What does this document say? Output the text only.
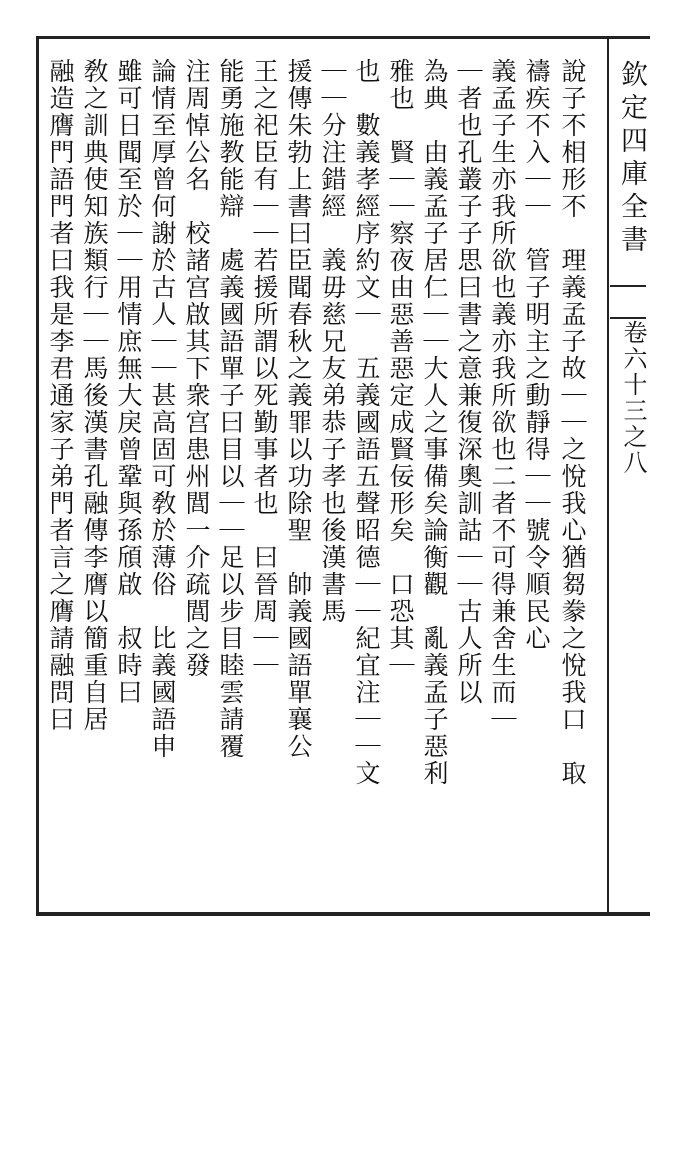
欽定四庫全書
卷六十三之八
說子不相形不　理義孟子故｜｜之悅我心猶芻豢之悅我口　取
禱疾不入｜｜　管子明主之動靜得｜｜號令順民心
義孟子生亦我所欲也義亦我所欲也二者不可得兼舍生而｜
｜者也孔叢子子思曰書之意兼復深奧訓詁｜｜古人所以
為典　由義孟子居仁｜｜大人之事備矣論衡觀　亂義孟子惡利
雅也　賢｜｜察夜由惡善惡定成賢佞形矣　口恐其｜
也　數義孝經序約文｜　五義國語五聲昭德｜｜紀宜注｜｜文
｜｜分注錯經　義毋慈兄友弟恭子孝也後漢書馬
援傳朱勃上書曰臣聞春秋之義罪以功除聖　帥義國語單襄公
王之祀臣有｜｜若援所謂以死勤事者也　曰晉周｜｜
能勇施教能辯　處義國語單子曰目以｜｜足以步目睦雲請覆
注周悼公名　校諸宫啟其下衆宫患州閭一介疏閭之發
論情至厚曾何謝於古人｜｜甚高固可敎於薄俗　比義國語申
雖可日聞至於｜｜用情庶無大戾曾鞏與孫頎啟　叔時曰
敎之訓典使知族類行｜｜馬後漢書孔融傳李膺以簡重自居
融造膺門語門者曰我是李君通家子弟門者言之膺請融問曰
